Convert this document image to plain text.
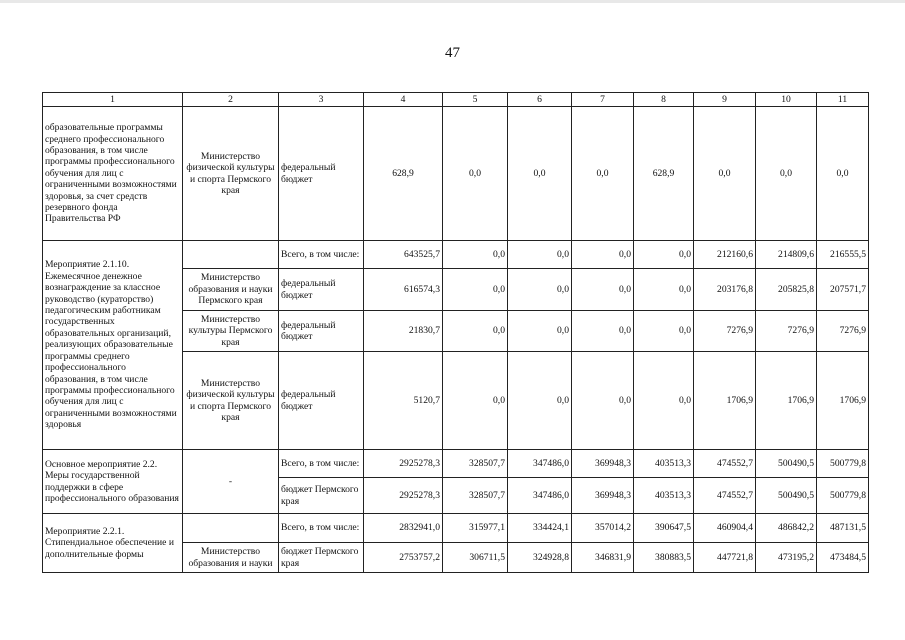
47
1	2	3	4	5	6	7	8	9	10	11
образовательные программы среднего профессионального образования, в том числе программы профессионального обучения для лиц с ограниченными возможностями здоровья, за счет средств резервного фонда Правительства РФ	Министерство физической культуры и спорта Пермского края	федеральный бюджет	628,9	0,0	0,0	0,0	628,9	0,0	0,0	0,0
Мероприятие 2.1.10. Ежемесячное денежное вознаграждение за классное руководство (кураторство) педагогическим работникам государственных образовательных организаций, реализующих образовательные программы среднего профессионального образования, в том числе программы профессионального обучения для лиц с ограниченными возможностями здоровья		Всего, в том числе:	643525,7	0,0	0,0	0,0	0,0	212160,6	214809,6	216555,5
	Министерство образования и науки Пермского края	федеральный бюджет	616574,3	0,0	0,0	0,0	0,0	203176,8	205825,8	207571,7
	Министерство культуры Пермского края	федеральный бюджет	21830,7	0,0	0,0	0,0	0,0	7276,9	7276,9	7276,9
	Министерство физической культуры и спорта Пермского края	федеральный бюджет	5120,7	0,0	0,0	0,0	0,0	1706,9	1706,9	1706,9
Основное мероприятие 2.2. Меры государственной поддержки в сфере профессионального образования	-	Всего, в том числе:	2925278,3	328507,7	347486,0	369948,3	403513,3	474552,7	500490,5	500779,8
		бюджет Пермского края	2925278,3	328507,7	347486,0	369948,3	403513,3	474552,7	500490,5	500779,8
Мероприятие 2.2.1. Стипендиальное обеспечение и дополнительные формы		Всего, в том числе:	2832941,0	315977,1	334424,1	357014,2	390647,5	460904,4	486842,2	487131,5
	Министерство образования и науки	бюджет Пермского края	2753757,2	306711,5	324928,8	346831,9	380883,5	447721,8	473195,2	473484,5
